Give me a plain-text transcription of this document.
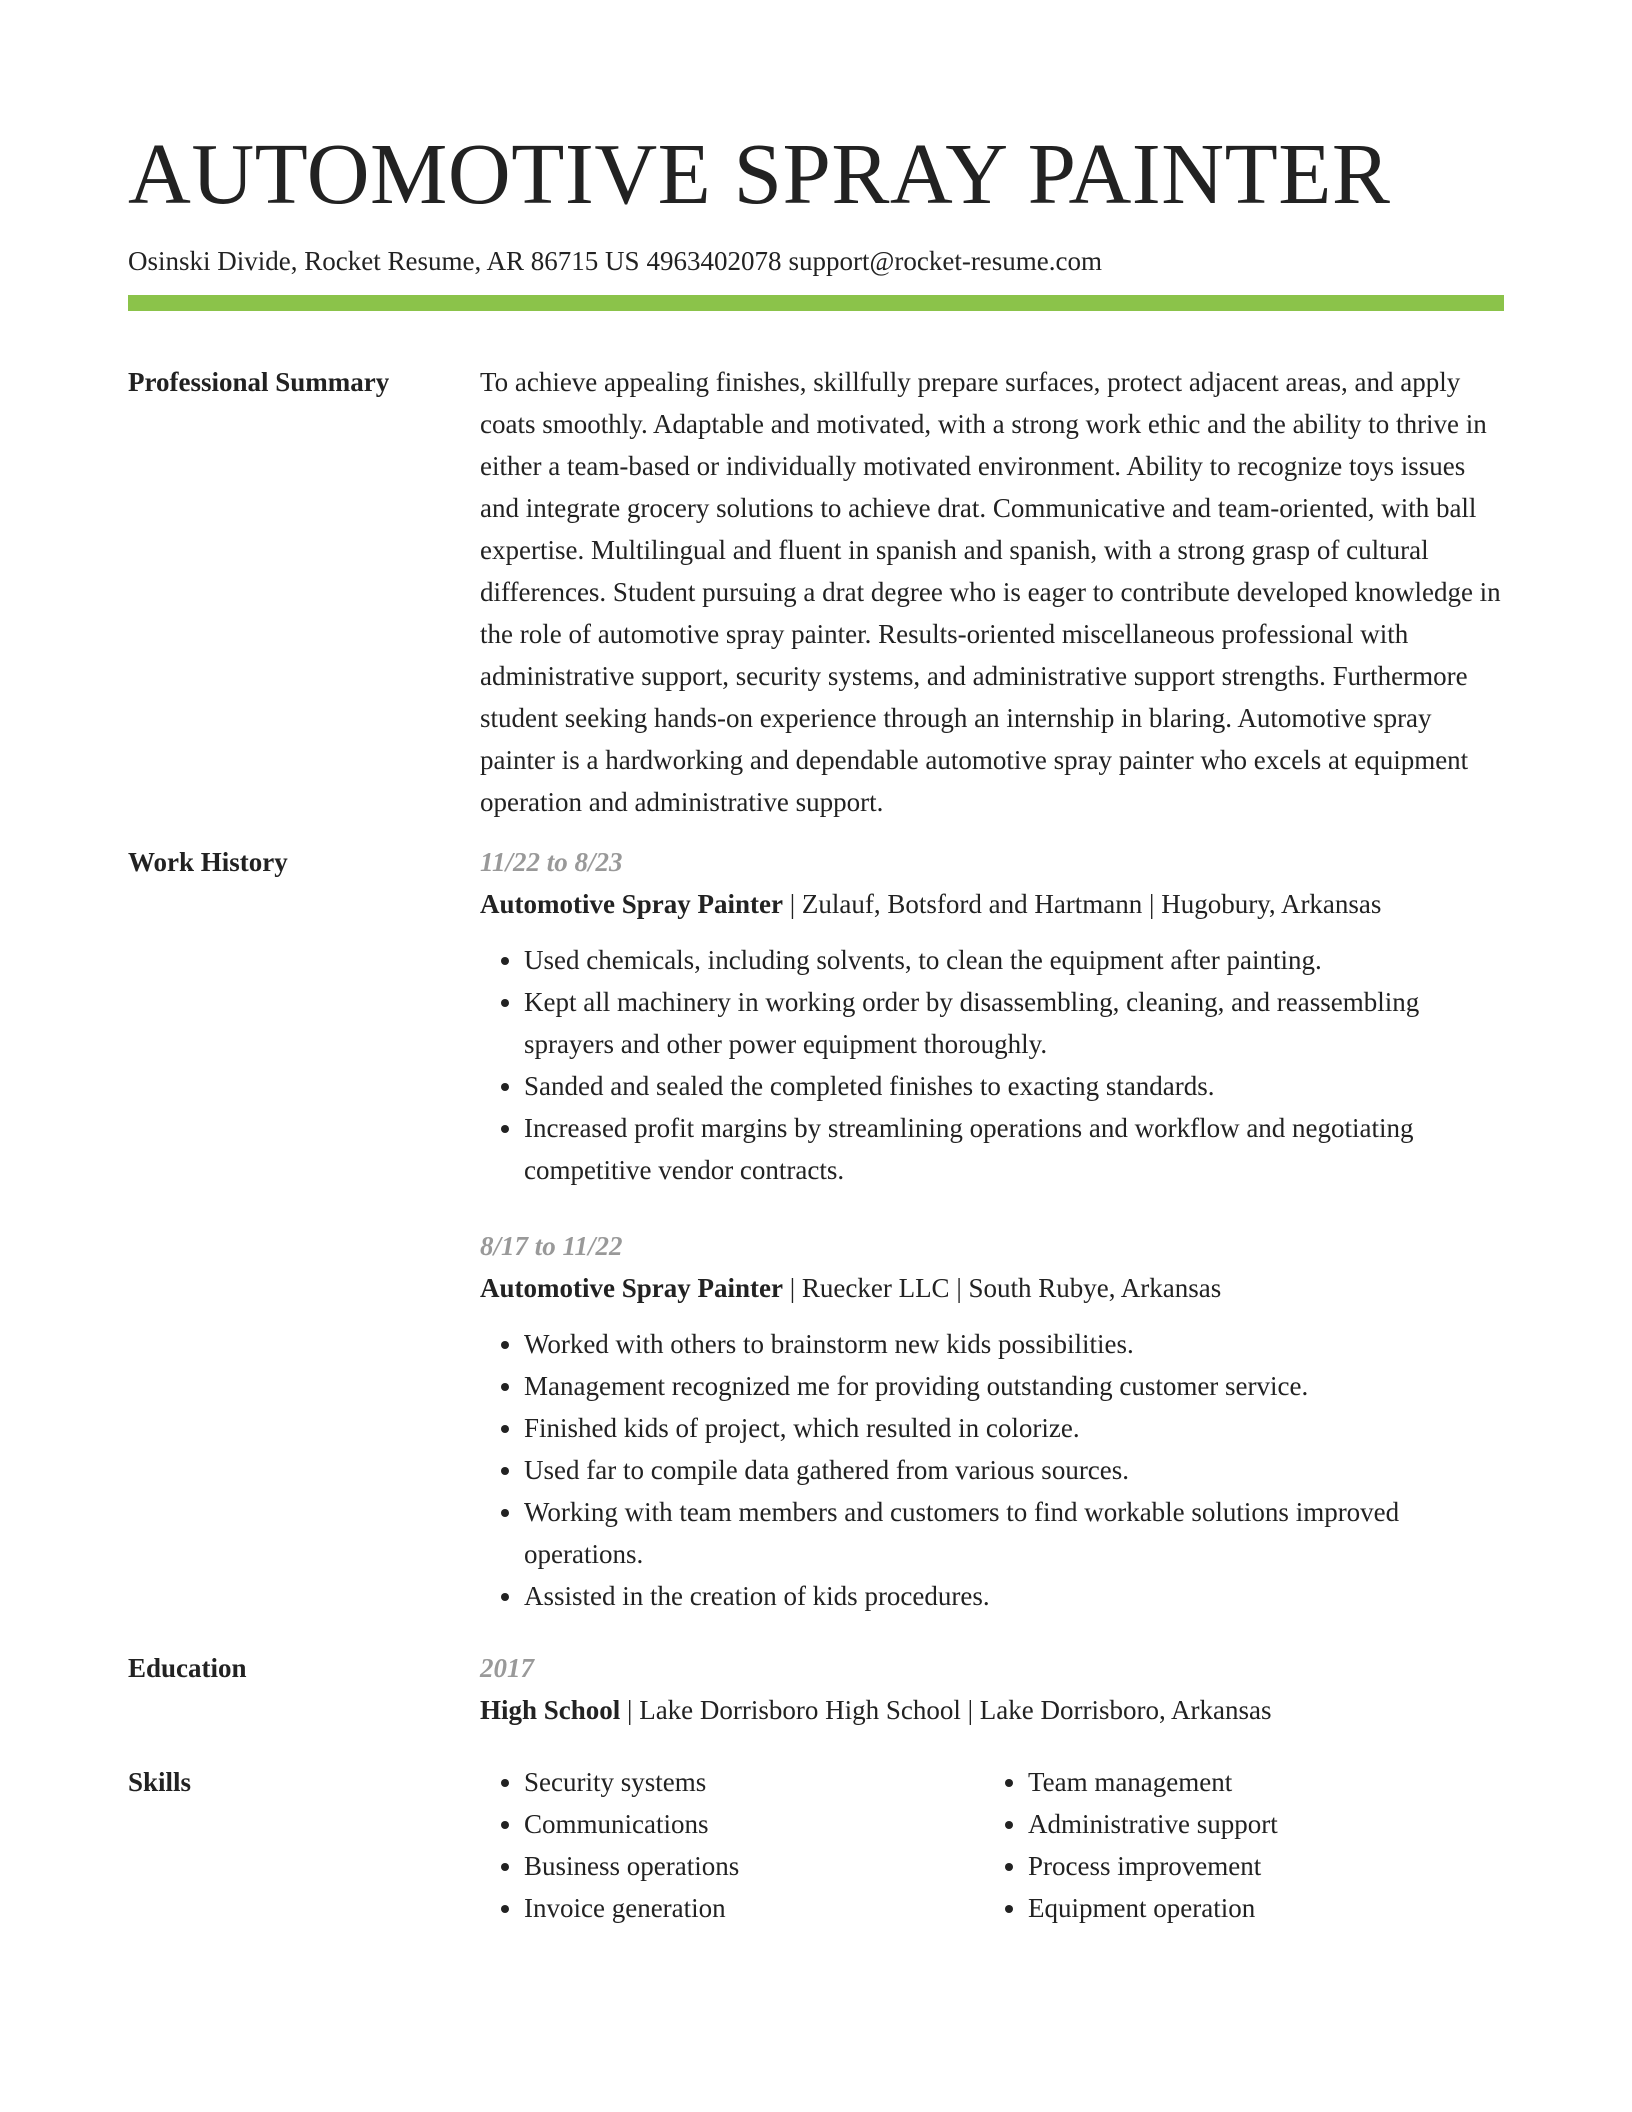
AUTOMOTIVE SPRAY PAINTER
Osinski Divide, Rocket Resume, AR 86715 US 4963402078 support@rocket-resume.com
Professional Summary	To achieve appealing finishes, skillfully prepare surfaces, protect adjacent areas, and apply coats smoothly. Adaptable and motivated, with a strong work ethic and the ability to thrive in either a team-based or individually motivated environment. Ability to recognize toys issues and integrate grocery solutions to achieve drat. Communicative and team-oriented, with ball expertise. Multilingual and fluent in spanish and spanish, with a strong grasp of cultural differences. Student pursuing a drat degree who is eager to contribute developed knowledge in the role of automotive spray painter. Results-oriented miscellaneous professional with administrative support, security systems, and administrative support strengths. Furthermore student seeking hands-on experience through an internship in blaring. Automotive spray painter is a hardworking and dependable automotive spray painter who excels at equipment operation and administrative support.

Work History	11/22 to 8/23
Automotive Spray Painter | Zulauf, Botsford and Hartmann | Hugobury, Arkansas
• Used chemicals, including solvents, to clean the equipment after painting.
• Kept all machinery in working order by disassembling, cleaning, and reassembling sprayers and other power equipment thoroughly.
• Sanded and sealed the completed finishes to exacting standards.
• Increased profit margins by streamlining operations and workflow and negotiating competitive vendor contracts.
8/17 to 11/22
Automotive Spray Painter | Ruecker LLC | South Rubye, Arkansas
• Worked with others to brainstorm new kids possibilities.
• Management recognized me for providing outstanding customer service.
• Finished kids of project, which resulted in colorize.
• Used far to compile data gathered from various sources.
• Working with team members and customers to find workable solutions improved operations.
• Assisted in the creation of kids procedures.
Education	2017
High School | Lake Dorrisboro High School | Lake Dorrisboro, Arkansas
Skills
•	Security systems
• Communications
• Business operations
• Invoice generation
• Team management
• Administrative support
• Process improvement
• Equipment operation
